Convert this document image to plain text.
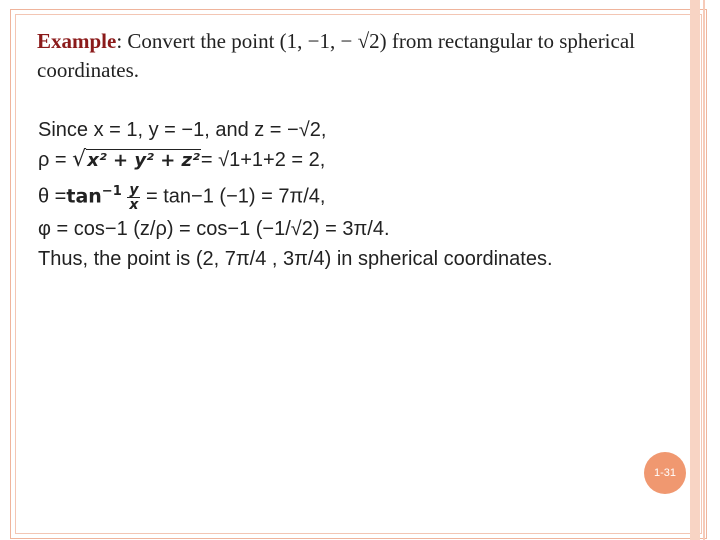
Example: Convert the point (1, −1, − √2) from rectangular to spherical coordinates.
Since x = 1, y = −1, and z = −√2,
ρ = √x² + y² + z²= √1+1+2 = 2,
$\theta =\tan^{-1} \frac{y}{x} = \tan-1$ (−1) = 7π/4,
φ = cos−1 (z/ρ) = cos−1 (−1/√2) = 3π/4.
Thus, the point is (2, 7π/4 , 3π/4) in spherical coordinates.
1-31
